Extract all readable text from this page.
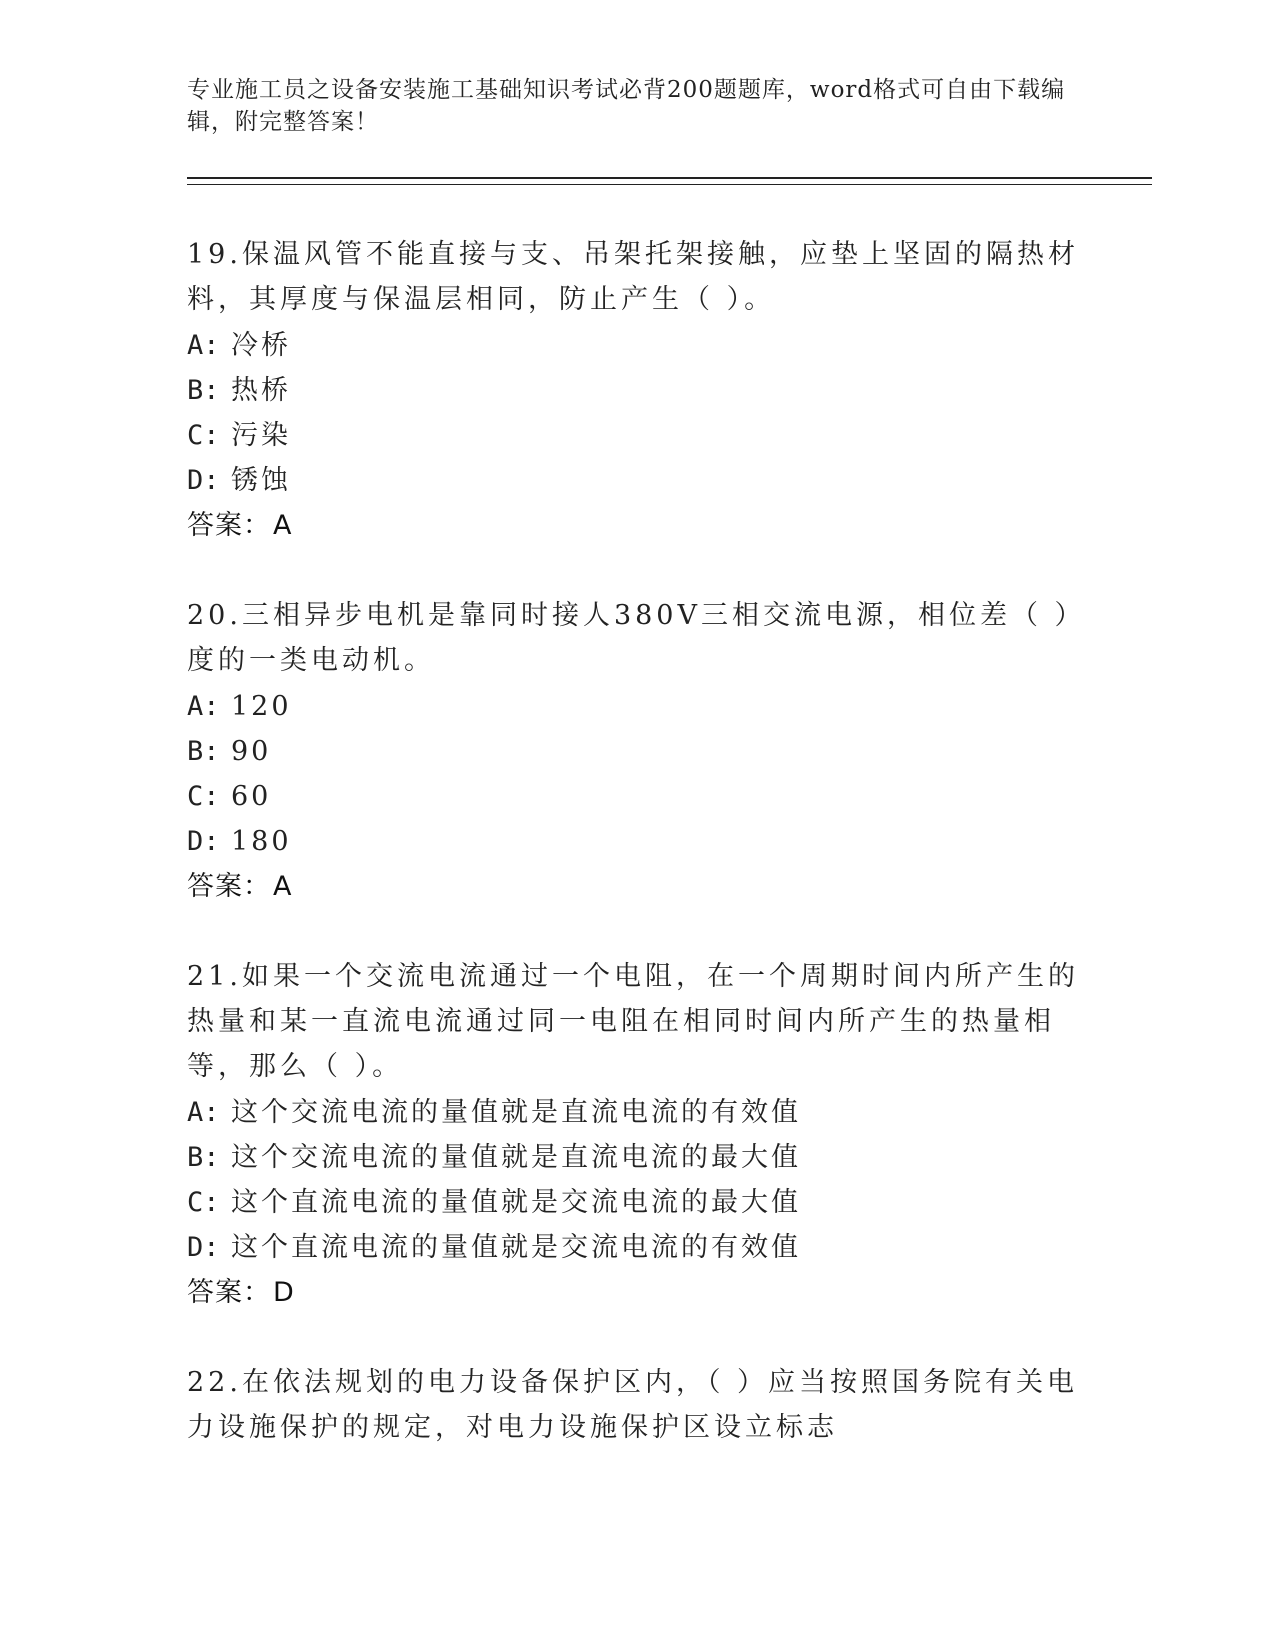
专业施工员之设备安装施工基础知识考试必背200题题库，word格式可自由下载编辑，附完整答案！
19.保温风管不能直接与支、吊架托架接触，应垫上坚固的隔热材料，其厚度与保温层相同，防止产生（ ）。
A: 冷桥
B: 热桥
C: 污染
D: 锈蚀
答案：A
20.三相异步电机是靠同时接人380V三相交流电源，相位差（ ）度的一类电动机。
A: 120
B: 90
C: 60
D: 180
答案：A
21.如果一个交流电流通过一个电阻，在一个周期时间内所产生的热量和某一直流电流通过同一电阻在相同时间内所产生的热量相等，那么（ ）。
A: 这个交流电流的量值就是直流电流的有效值
B: 这个交流电流的量值就是直流电流的最大值
C: 这个直流电流的量值就是交流电流的最大值
D: 这个直流电流的量值就是交流电流的有效值
答案：D
22.在依法规划的电力设备保护区内，（ ）应当按照国务院有关电力设施保护的规定，对电力设施保护区设立标志
